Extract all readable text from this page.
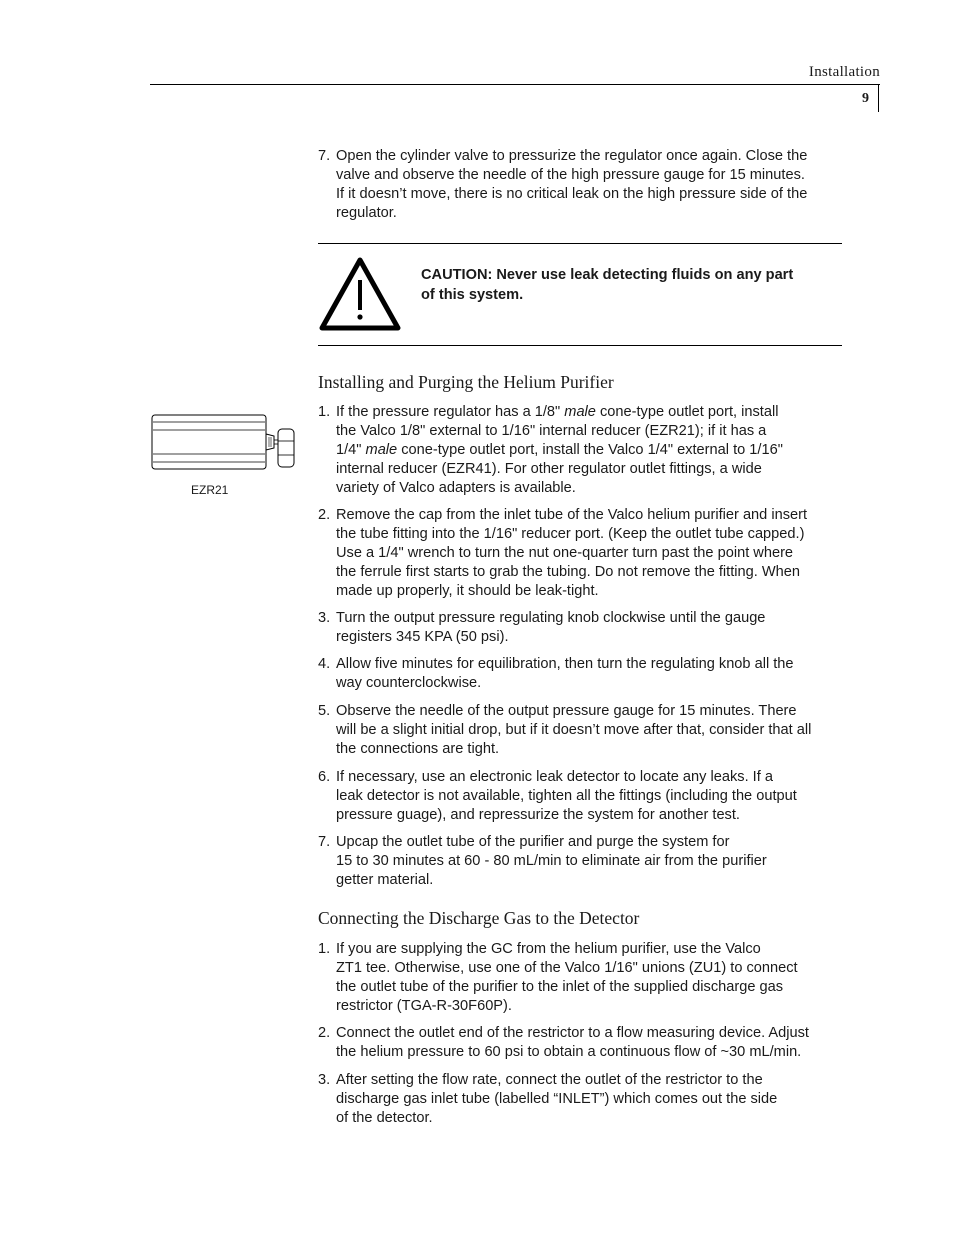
Installation
9
7. Open the cylinder valve to pressurize the regulator once again. Close the
valve and observe the needle of the high pressure gauge for 15 minutes.
If it doesn’t move, there is no critical leak on the high pressure side of the
regulator.
CAUTION: Never use leak detecting fluids on any part
of this system.
Installing and Purging the Helium Purifier
EZR21
1. If the pressure regulator has a 1/8" male cone-type outlet port, install
the Valco 1/8" external to 1/16" internal reducer (EZR21); if it has a
1/4" male cone-type outlet port, install the Valco 1/4" external to 1/16"
internal reducer (EZR41). For other regulator outlet fittings, a wide
variety of Valco adapters is available.
2. Remove the cap from the inlet tube of the Valco helium purifier and insert
the tube fitting into the 1/16" reducer port. (Keep the outlet tube capped.)
Use a 1/4" wrench to turn the nut one-quarter turn past the point where
the ferrule first starts to grab the tubing. Do not remove the fitting. When
made up properly, it should be leak-tight.
3. Turn the output pressure regulating knob clockwise until the gauge
registers 345 KPA (50 psi).
4. Allow five minutes for equilibration, then turn the regulating knob all the
way counterclockwise.
5. Observe the needle of the output pressure gauge for 15 minutes. There
will be a slight initial drop, but if it doesn’t move after that, consider that all
the connections are tight.
6. If necessary, use an electronic leak detector to locate any leaks. If a
leak detector is not available, tighten all the fittings (including the output
pressure guage), and repressurize the system for another test.
7. Upcap the outlet tube of the purifier and purge the system for
15 to 30 minutes at 60 - 80 mL/min to eliminate air from the purifier
getter material.
Connecting the Discharge Gas to the Detector
1. If you are supplying the GC from the helium purifier, use the Valco
ZT1 tee. Otherwise, use one of the Valco 1/16" unions (ZU1) to connect
the outlet tube of the purifier to the inlet of the supplied discharge gas
restrictor (TGA-R-30F60P).
2. Connect the outlet end of the restrictor to a flow measuring device. Adjust
the helium pressure to 60 psi to obtain a continuous flow of ~30 mL/min.
3. After setting the flow rate, connect the outlet of the restrictor to the
discharge gas inlet tube (labelled “INLET”) which comes out the side
of the detector.
